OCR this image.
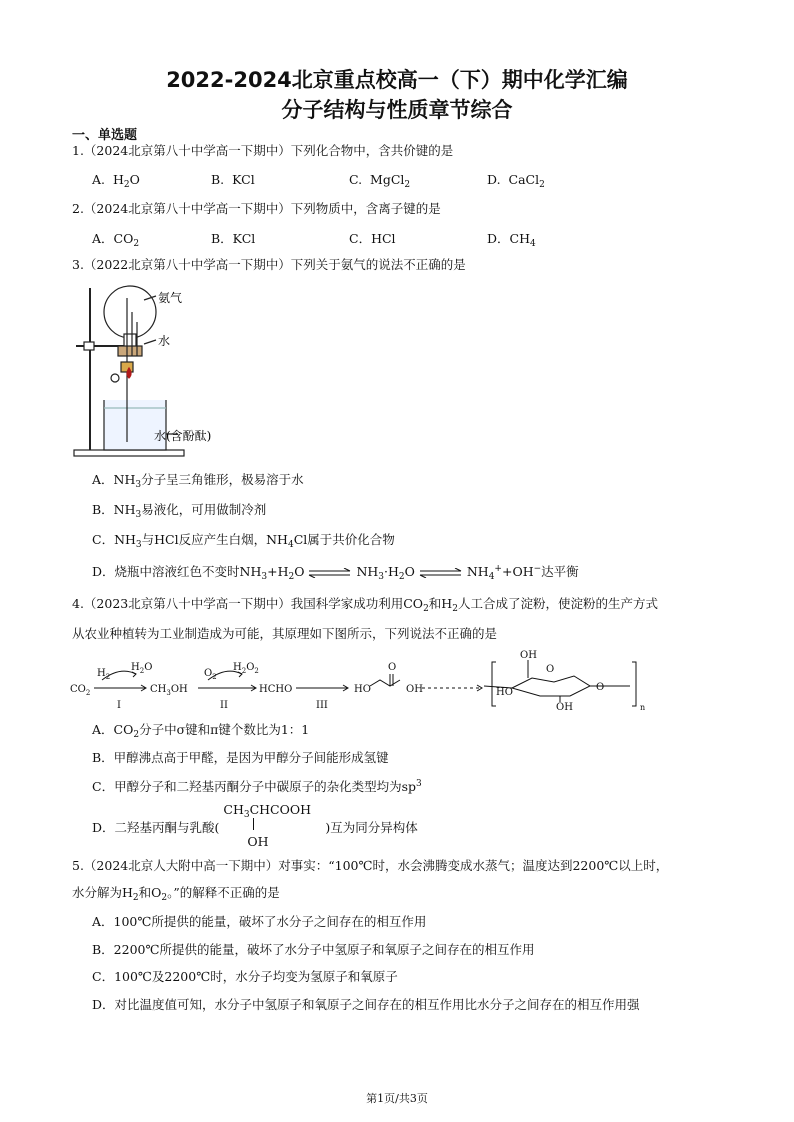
2022-2024北京重点校高一（下）期中化学汇编
分子结构与性质章节综合
一、单选题
1.（2024北京第八十中学高一下期中）下列化合物中，含共价键的是
A. $H_2O$	B. KCl	C. MgCl$_2$	D. CaCl$_2$
2.（2024北京第八十中学高一下期中）下列物质中，含离子键的是
A．$CO_2$	B．KCl	C．HCl	D．$CH_4$
3.（2022北京第八十中学高一下期中）下列关于氨气的说法不正确的是
氨气
水
水(含酚酞)
A．$NH_3$分子呈三角锥形，极易溶于水
B．$NH_3$易液化，可用做制冷剂
C．$NH_3$与HCl反应产生白烟，$NH_4Cl$属于共价化合物
D．烧瓶中溶液红色不变时$NH_3+H_2O$ ⇌ $NH_3\cdot H_2O$ ⇌ $NH_4^++OH^-$达平衡
4.（2023北京第八十中学高一下期中）我国科学家成功利用$CO_2$和$H_2$人工合成了淀粉，使淀粉的生产方式
从农业种植转为工业制造成为可能，其原理如下图所示，下列说法不正确的是
$CO_2$
$H_2$
$H_2O$
I
$CH_3OH$
$O_2$
$H_2O_2$
II
HCHO
III
HO
O
OH
OH
HO
OH
O
O
n
A．$CO_2$分子中σ键和π键个数比为1：1
B．甲醇沸点高于甲醛，是因为甲醇分子间能形成氢键
C．甲醇分子和二羟基丙酮分子中碳原子的杂化类型均为$sp^3$
D．二羟基丙酮与乳酸(
$CH_3CHCOOH$
OH
)互为同分异构体
5.（2024北京人大附中高一下期中）对事实：“100℃时，水会沸腾变成水蒸气；温度达到2200℃以上时，
水分解为$H_2$和$O_2$。”的解释不正确的是
A．100℃所提供的能量，破坏了水分子之间存在的相互作用
B．2200℃所提供的能量，破坏了水分子中氢原子和氧原子之间存在的相互作用
C．100℃及2200℃时，水分子均变为氢原子和氧原子
D．对比温度值可知，水分子中氢原子和氧原子之间存在的相互作用比水分子之间存在的相互作用强
第1页/共3页
